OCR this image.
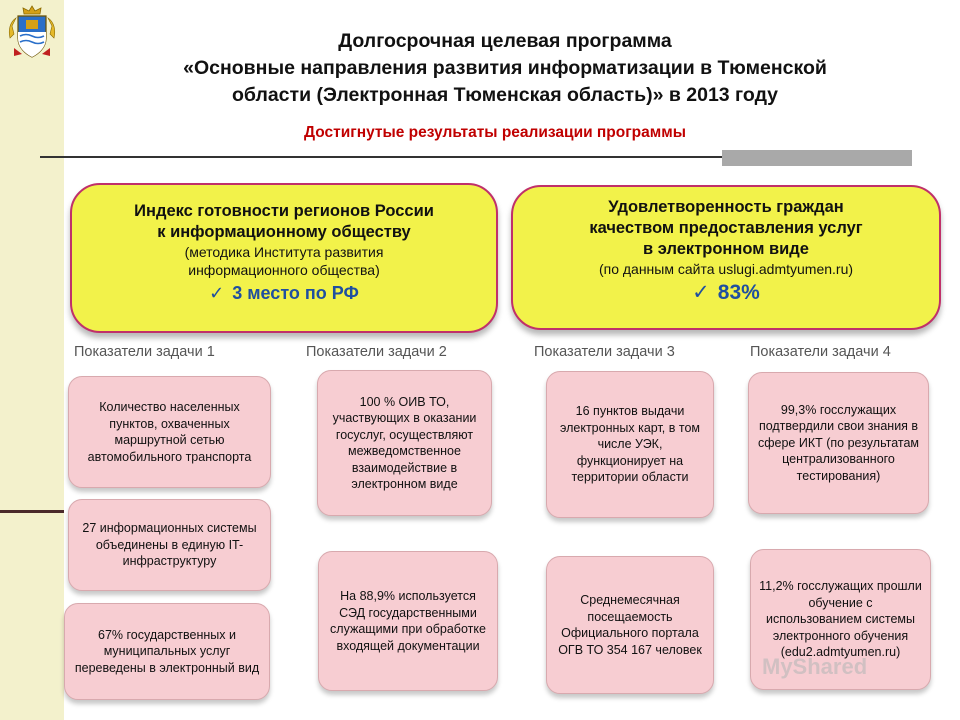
Долгосрочная целевая программа
«Основные направления развития информатизации в Тюменской
области (Электронная Тюменская область)» в 2013 году
Достигнутые результаты реализации программы
Индекс готовности регионов России
к информационному обществу
(методика Института развития
информационного общества)
✓ 3 место по РФ
Удовлетворенность граждан
качеством предоставления услуг
в электронном виде
(по данным сайта uslugi.admtyumen.ru)
✓ 83%
Показатели задачи 1	Показатели задачи 2	Показатели задачи 3	Показатели задачи 4
Количество населенных пунктов, охваченных маршрутной сетью автомобильного транспорта
27 информационных системы объединены в единую IT-инфраструктуру
67% государственных и муниципальных услуг переведены в электронный вид
100 % ОИВ ТО, участвующих в оказании госуслуг, осуществляют межведомственное взаимодействие в электронном виде
На 88,9% используется СЭД государственными служащими при обработке входящей документации
16 пунктов выдачи электронных карт, в том числе УЭК, функционирует на территории области
Среднемесячная посещаемость Официального портала ОГВ ТО 354 167 человек
99,3% госслужащих подтвердили свои знания в сфере ИКТ (по результатам централизованного тестирования)
11,2% госслужащих прошли обучение с использованием системы электронного обучения (edu2.admtyumen.ru)
MyShared
